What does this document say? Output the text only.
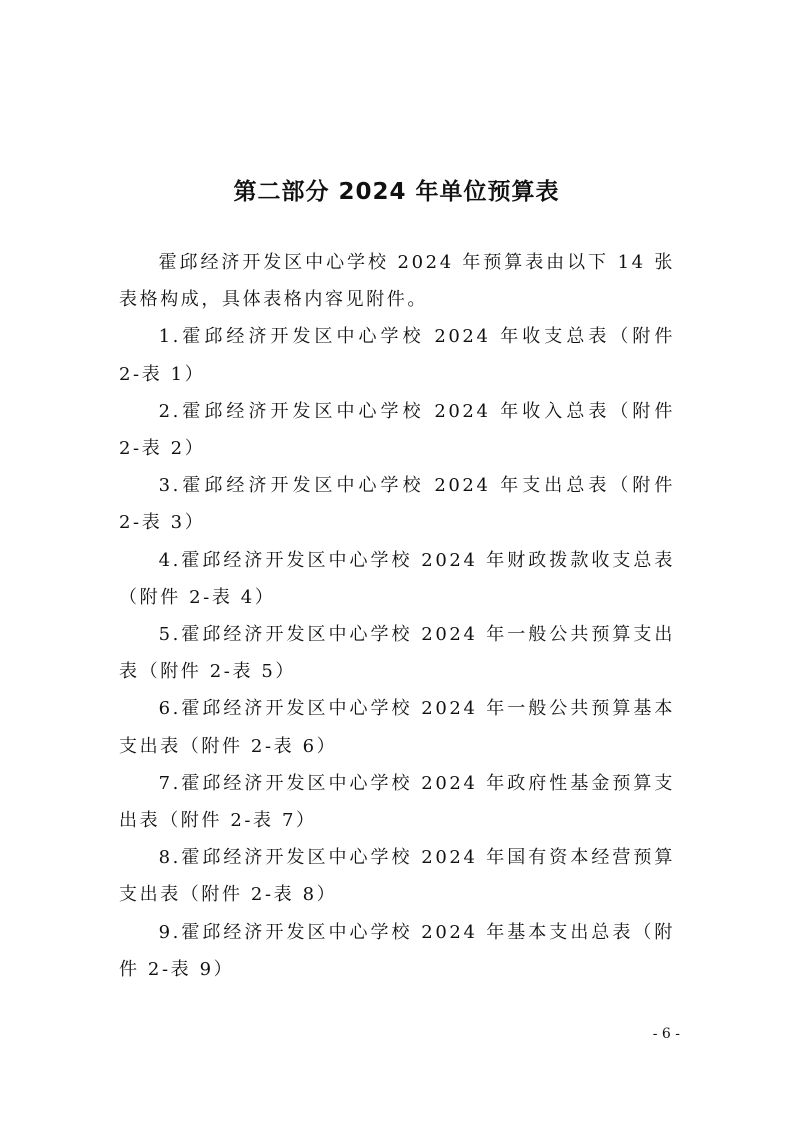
第二部分 2024 年单位预算表

霍邱经济开发区中心学校 2024 年预算表由以下 14 张表格构成，具体表格内容见附件。

1.霍邱经济开发区中心学校 2024 年收支总表（附件 2-表 1）

2.霍邱经济开发区中心学校 2024 年收入总表（附件 2-表 2）

3.霍邱经济开发区中心学校 2024 年支出总表（附件 2-表 3）

4.霍邱经济开发区中心学校 2024 年财政拨款收支总表（附件 2-表 4）

5.霍邱经济开发区中心学校 2024 年一般公共预算支出表（附件 2-表 5）

6.霍邱经济开发区中心学校 2024 年一般公共预算基本支出表（附件 2-表 6）

7.霍邱经济开发区中心学校 2024 年政府性基金预算支出表（附件 2-表 7）

8.霍邱经济开发区中心学校 2024 年国有资本经营预算支出表（附件 2-表 8）

9.霍邱经济开发区中心学校 2024 年基本支出总表（附件 2-表 9）

- 6 -
